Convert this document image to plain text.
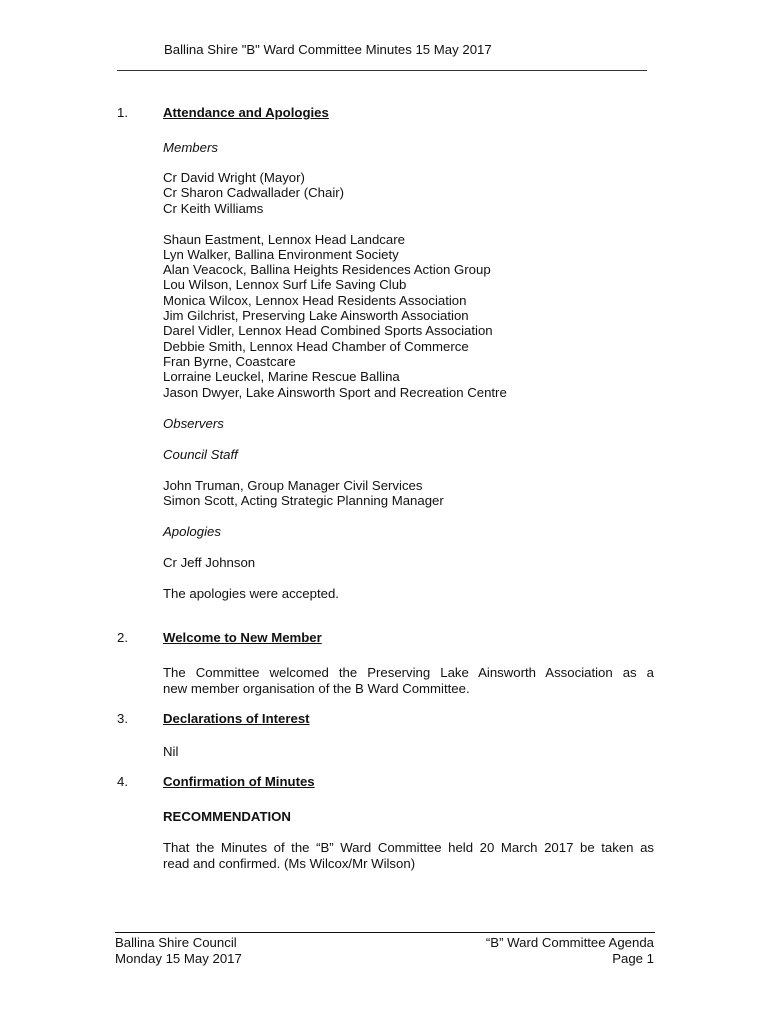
Ballina Shire "B" Ward Committee Minutes 15 May 2017
1.	Attendance and Apologies
Members
Cr David Wright (Mayor)
Cr Sharon Cadwallader (Chair)
Cr Keith Williams
Shaun Eastment, Lennox Head Landcare
Lyn Walker, Ballina Environment Society
Alan Veacock, Ballina Heights Residences Action Group
Lou Wilson, Lennox Surf Life Saving Club
Monica Wilcox, Lennox Head Residents Association
Jim Gilchrist, Preserving Lake Ainsworth Association
Darel Vidler, Lennox Head Combined Sports Association
Debbie Smith, Lennox Head Chamber of Commerce
Fran Byrne, Coastcare
Lorraine Leuckel, Marine Rescue Ballina
Jason Dwyer, Lake Ainsworth Sport and Recreation Centre
Observers
Council Staff
John Truman, Group Manager Civil Services
Simon Scott, Acting Strategic Planning Manager
Apologies
Cr Jeff Johnson
The apologies were accepted.
2.	Welcome to New Member
The Committee welcomed the Preserving Lake Ainsworth Association as a
new member organisation of the B Ward Committee.
3.	Declarations of Interest
Nil
4.	Confirmation of Minutes
RECOMMENDATION
That the Minutes of the “B” Ward Committee held 20 March 2017 be taken as
read and confirmed. (Ms Wilcox/Mr Wilson)
Ballina Shire Council
Monday 15 May 2017
“B” Ward Committee Agenda
Page 1
